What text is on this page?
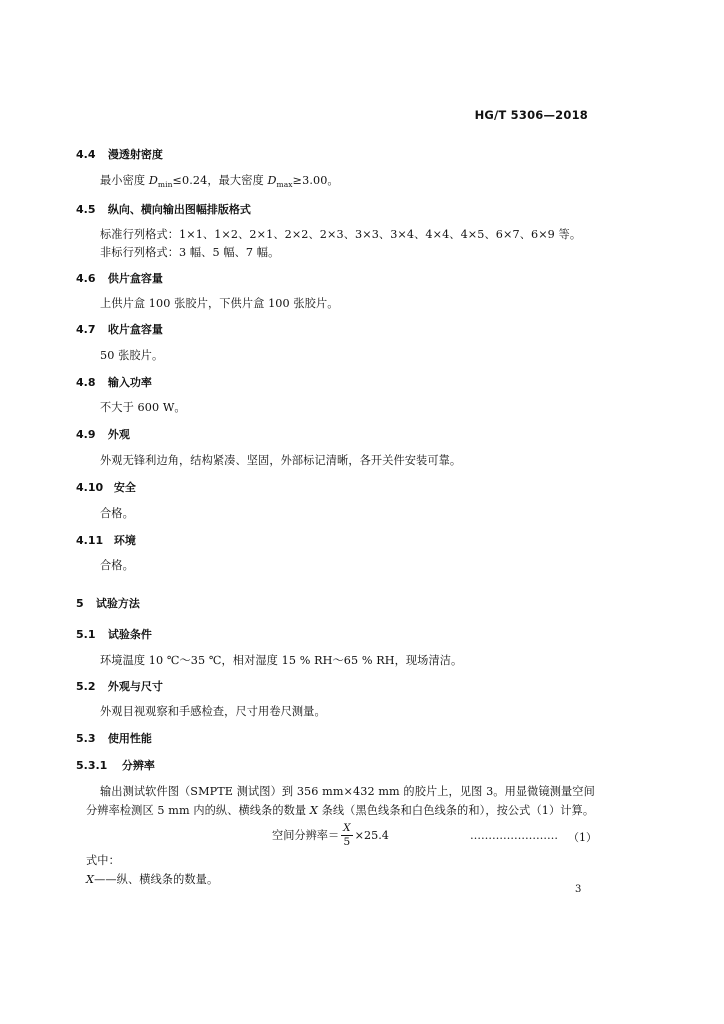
HG/T 5306—2018
4.4 漫透射密度
最小密度 $D_{min}\le 0.24$，最大密度 $D_{max}\ge 3.00$。
4.5 纵向、横向输出图幅排版格式
标准行列格式：1×1、1×2、2×1、2×2、2×3、3×3、3×4、4×4、4×5、6×7、6×9 等。
非标行列格式：3 幅、5 幅、7 幅。
4.6 供片盒容量
上供片盒 100 张胶片，下供片盒 100 张胶片。
4.7 收片盒容量
50 张胶片。
4.8 输入功率
不大于 600 W。
4.9 外观
外观无锋利边角，结构紧凑、坚固，外部标记清晰，各开关件安装可靠。
4.10 安全
合格。
4.11 环境
合格。
5 试验方法
5.1 试验条件
环境温度 10 ℃～35 ℃，相对湿度 15 % RH～65 % RH，现场清洁。
5.2 外观与尺寸
外观目视观察和手感检查，尺寸用卷尺测量。
5.3 使用性能
5.3.1 分辨率
输出测试软件图（SMPTE 测试图）到 356 mm×432 mm 的胶片上，见图 3。用显微镜测量空间
分辨率检测区 5 mm 内的纵、横线条的数量 X 条线（黑色线条和白色线条的和），按公式（1）计算。
空间分辨率＝ $\frac{X}{5} \times 25.4$	…………………… （1）
式中：
X——纵、横线条的数量。
3
